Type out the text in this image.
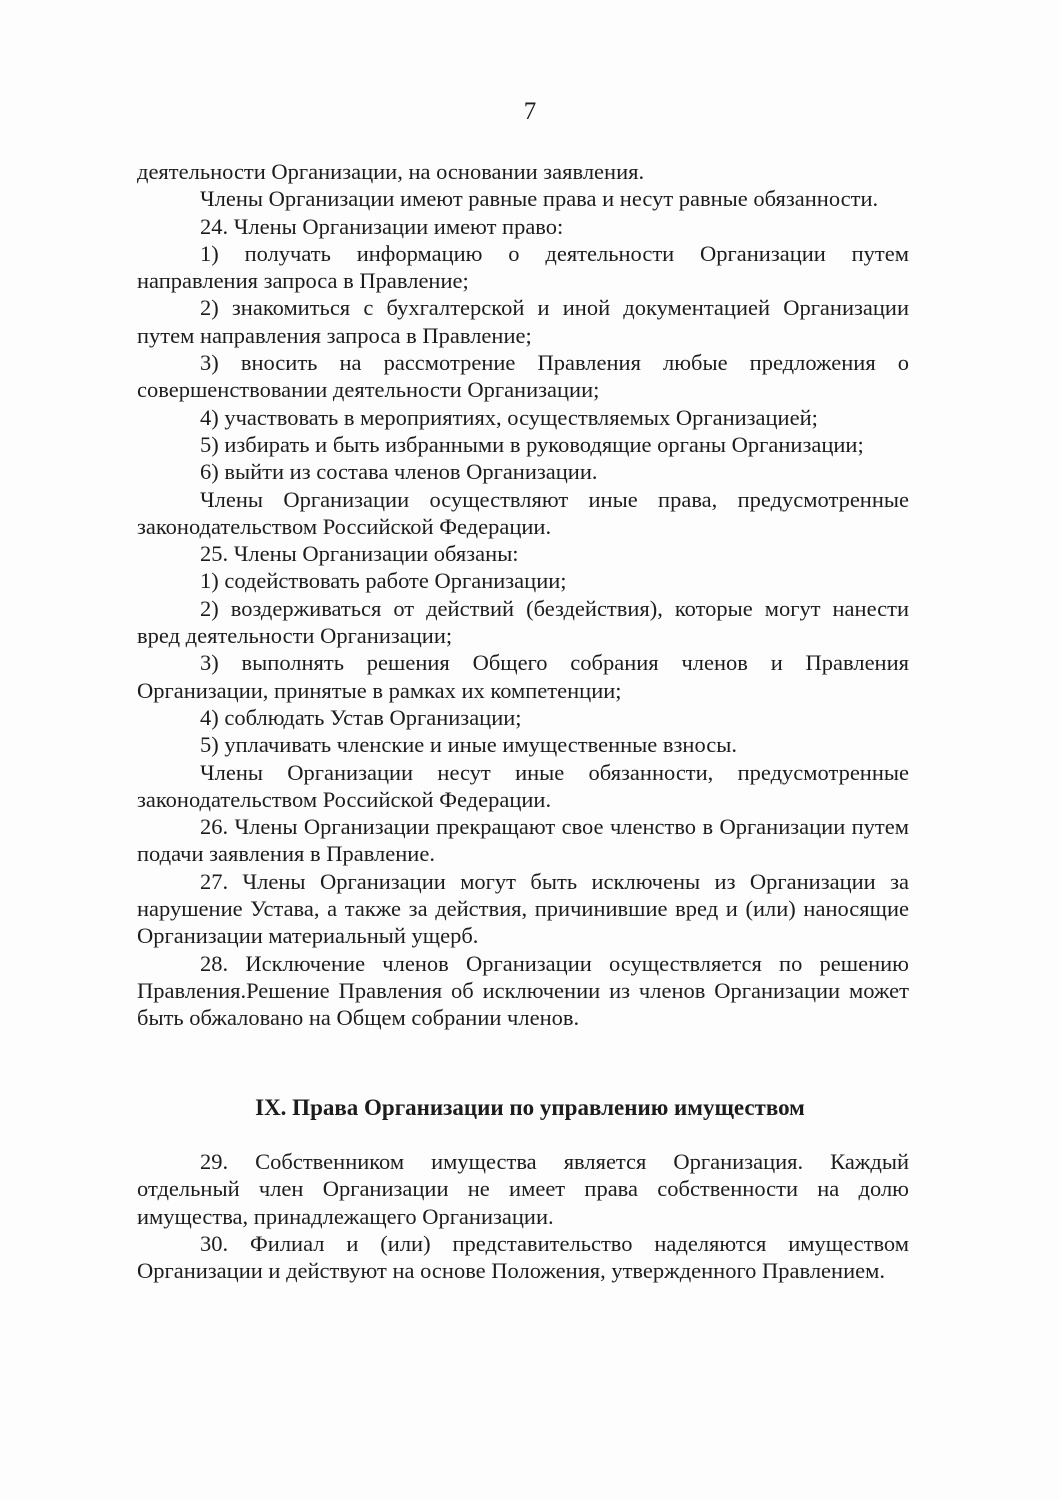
7

деятельности Организации, на основании заявления.

Члены Организации имеют равные права и несут равные обязанности.

24. Члены Организации имеют право:

1) получать информацию о деятельности Организации путем направления запроса в Правление;

2) знакомиться с бухгалтерской и иной документацией Организации путем направления запроса в Правление;

3) вносить на рассмотрение Правления любые предложения о совершенствовании деятельности Организации;

4) участвовать в мероприятиях, осуществляемых Организацией;

5) избирать и быть избранными в руководящие органы Организации;

6) выйти из состава членов Организации.

Члены Организации осуществляют иные права, предусмотренные законодательством Российской Федерации.

25. Члены Организации обязаны:

1) содействовать работе Организации;

2) воздерживаться от действий (бездействия), которые могут нанести вред деятельности Организации;

3) выполнять решения Общего собрания членов и Правления Организации, принятые в рамках их компетенции;

4) соблюдать Устав Организации;

5) уплачивать членские и иные имущественные взносы.

Члены Организации несут иные обязанности, предусмотренные законодательством Российской Федерации.

26. Члены Организации прекращают свое членство в Организации путем подачи заявления в Правление.

27. Члены Организации могут быть исключены из Организации за нарушение Устава, а также за действия, причинившие вред и (или) наносящие Организации материальный ущерб.

28. Исключение членов Организации осуществляется по решению Правления.Решение Правления об исключении из членов Организации может быть обжаловано на Общем собрании членов.

IX. Права Организации по управлению имуществом

29. Собственником имущества является Организация. Каждый отдельный член Организации не имеет права собственности на долю имущества, принадлежащего Организации.

30. Филиал и (или) представительство наделяются имуществом Организации и действуют на основе Положения, утвержденного Правлением.
